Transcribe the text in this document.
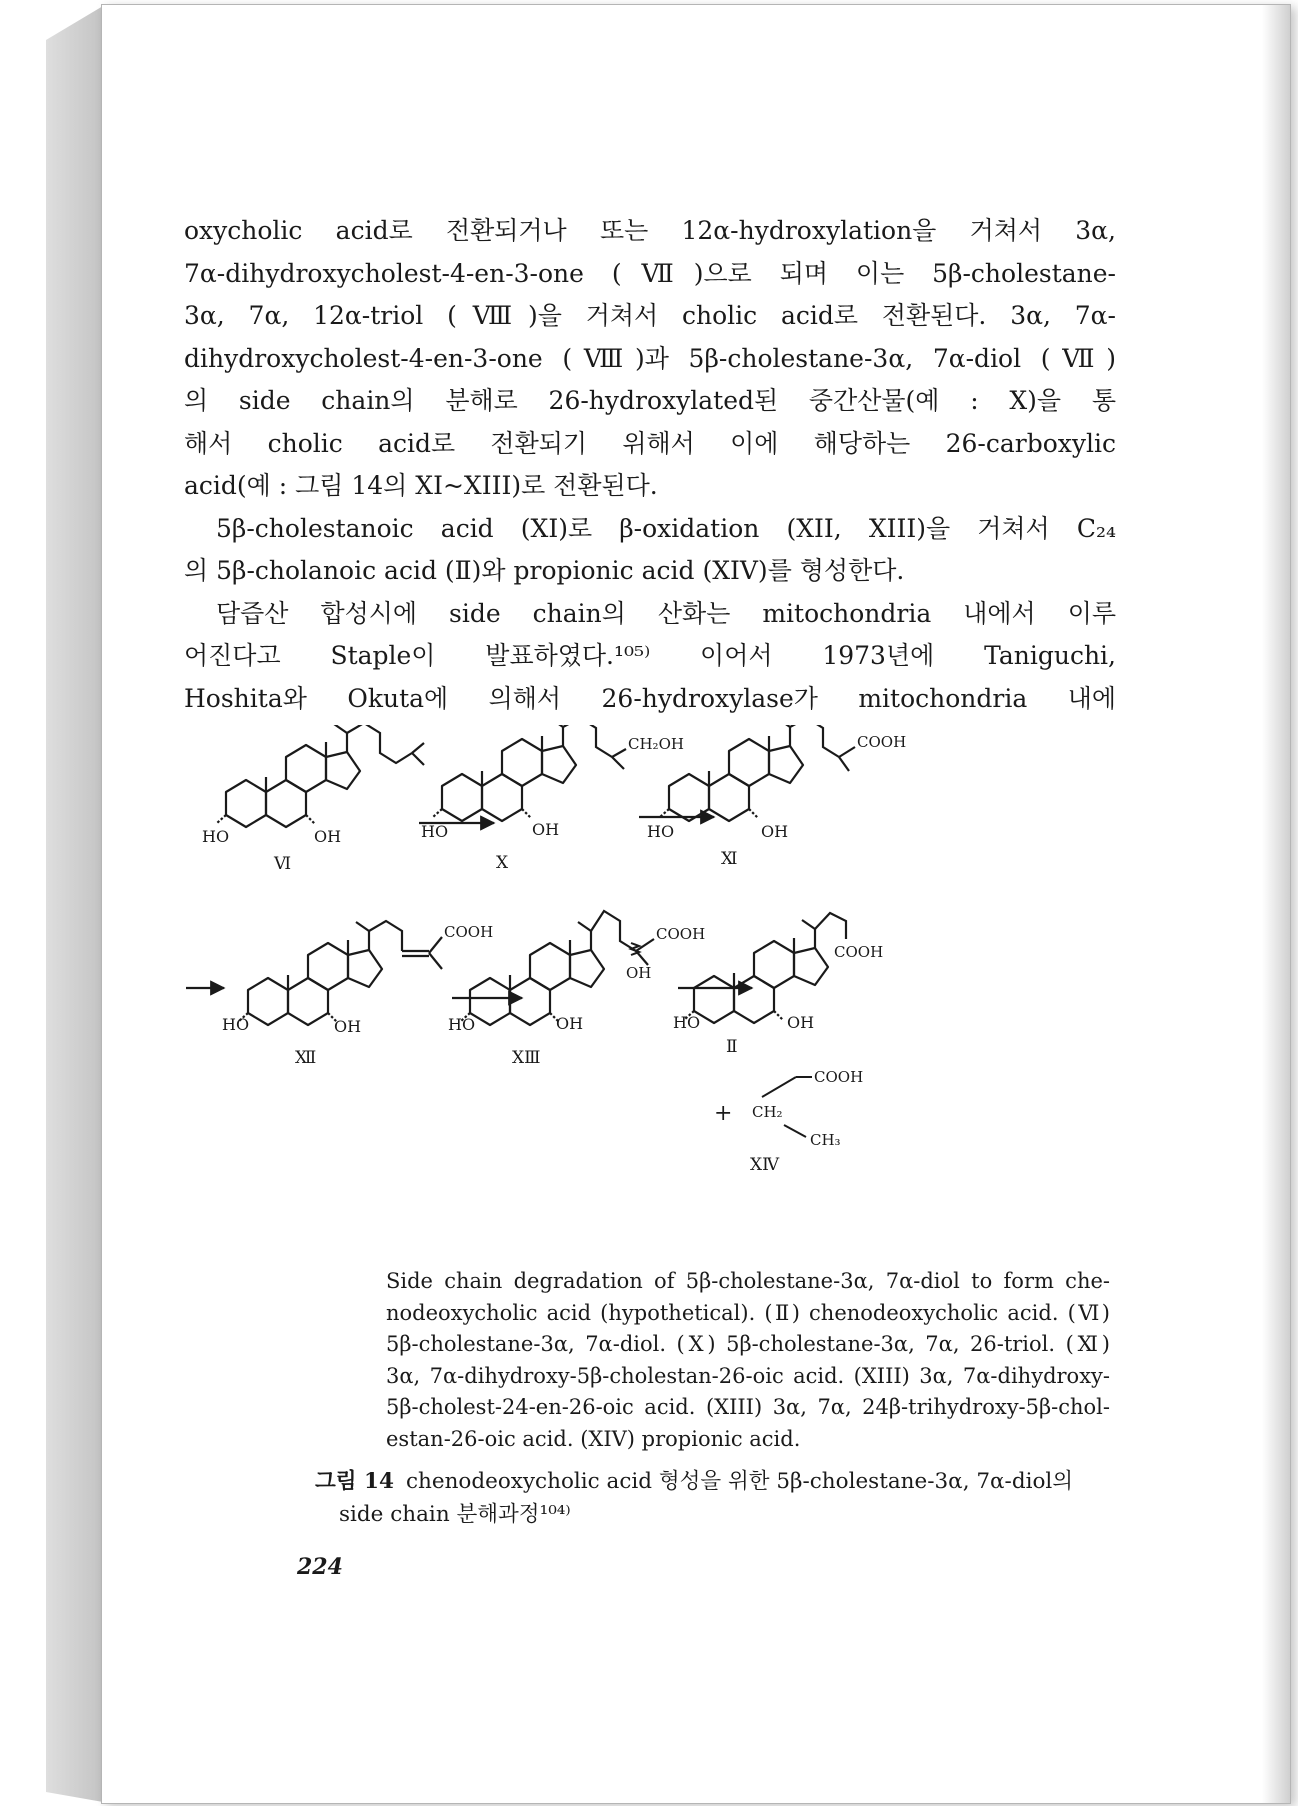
oxycholic acid로 전환되거나 또는 12α-hydroxylation을 거쳐서 3α,
7α-dihydroxycholest-4-en-3-one (Ⅶ)으로 되며 이는 5β-cholestane-
3α, 7α, 12α-triol (Ⅷ)을 거쳐서 cholic acid로 전환된다. 3α, 7α-
dihydroxycholest-4-en-3-one (Ⅷ)과 5β-cholestane-3α, 7α-diol (Ⅶ)
의 side chain의 분해로 26-hydroxylated된 중간산물(예 : X)을 통
해서 cholic acid로 전환되기 위해서 이에 해당하는 26-carboxylic
acid(예 : 그림 14의 XI~XIII)로 전환된다.
5β-cholestanoic acid (XI)로 β-oxidation (XII, XIII)을 거쳐서 C₂₄
의 5β-cholanoic acid (Ⅱ)와 propionic acid (XIV)를 형성한다.
담즙산 합성시에 side chain의 산화는 mitochondria 내에서 이루
어진다고 Staple이 발표하였다.¹⁰⁵⁾ 이어서 1973년에 Taniguchi,
Hoshita와 Okuta에 의해서 26-hydroxylase가 mitochondria 내에
HO	OH
Ⅵ
CH₂OH
HO	OH
Ⅹ
COOH
HO	OH
Ⅺ
COOH
HO	OH
Ⅻ
COOH
OH
HO	OH
XⅢ
COOH
HO	OH
Ⅱ
+
COOH
CH₂
CH₃
XⅣ
Side chain degradation of 5β-cholestane-3α, 7α-diol to form che-
nodeoxycholic acid (hypothetical). (Ⅱ) chenodeoxycholic acid. (Ⅵ)
5β-cholestane-3α, 7α-diol. (Ⅹ) 5β-cholestane-3α, 7α, 26-triol. (Ⅺ)
3α, 7α-dihydroxy-5β-cholestan-26-oic acid. (XIII) 3α, 7α-dihydroxy-
5β-cholest-24-en-26-oic acid. (XIII) 3α, 7α, 24β-trihydroxy-5β-chol-
estan-26-oic acid. (XIV) propionic acid.
그림 14 chenodeoxycholic acid 형성을 위한 5β-cholestane-3α, 7α-diol의
side chain 분해과정¹⁰⁴⁾
224
